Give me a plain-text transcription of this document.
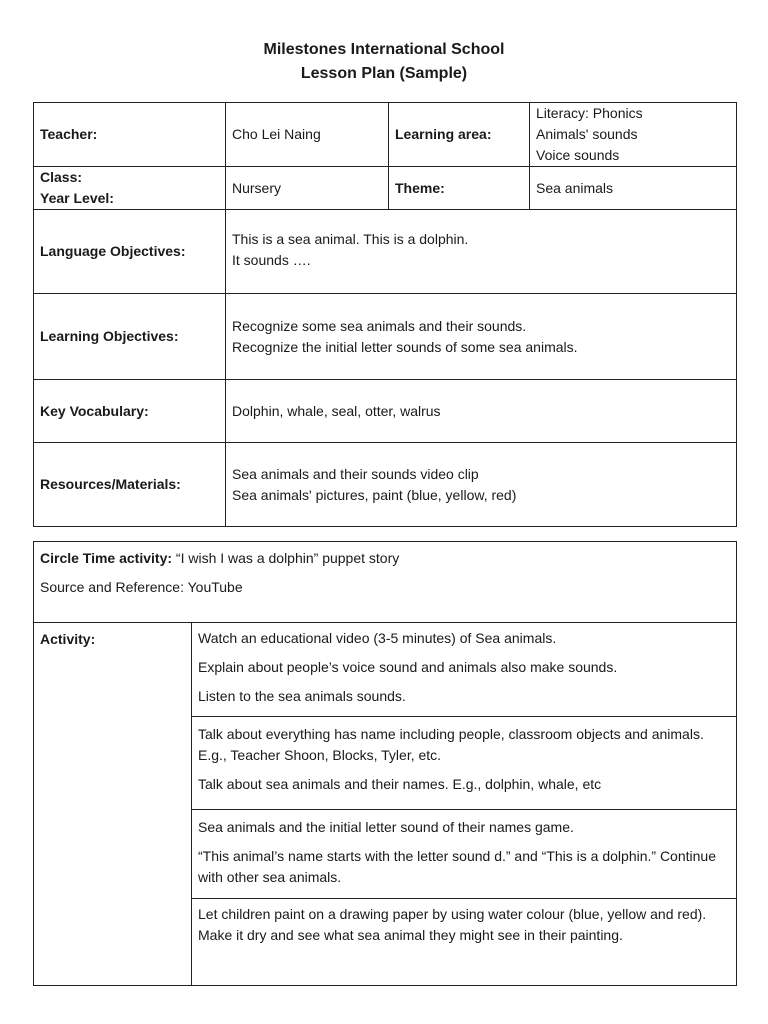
Milestones International School
Lesson Plan (Sample)
Teacher:	Cho Lei Naing	Learning area:	Literacy: Phonics
Animals' sounds
Voice sounds

Class:
Year Level:	Nursery	Theme:	Sea animals
Language Objectives:	This is a sea animal. This is a dolphin.
It sounds ….		

Learning Objectives:	Recognize some sea animals and their sounds.
Recognize the initial letter sounds of some sea animals.		

Key Vocabulary:	Dolphin, whale, seal, otter, walrus		
Resources/Materials:	Sea animals and their sounds video clip
Sea animals' pictures, paint (blue, yellow, red)		
Circle Time activity: “I wish I was a dolphin” puppet story
Source and Reference: YouTube

Activity:	Watch an educational video (3-5 minutes) of Sea animals.
Explain about people’s voice sound and animals also make sounds.
Listen to the sea animals sounds.

Talk about everything has name including people, classroom objects and animals. E.g., Teacher Shoon, Blocks, Tyler, etc.
Talk about sea animals and their names. E.g., dolphin, whale, etc

Sea animals and the initial letter sound of their names game.
“This animal’s name starts with the letter sound d.” and “This is a dolphin.” Continue with other sea animals.

Let children paint on a drawing paper by using water colour (blue, yellow and red). Make it dry and see what sea animal they might see in their painting.
